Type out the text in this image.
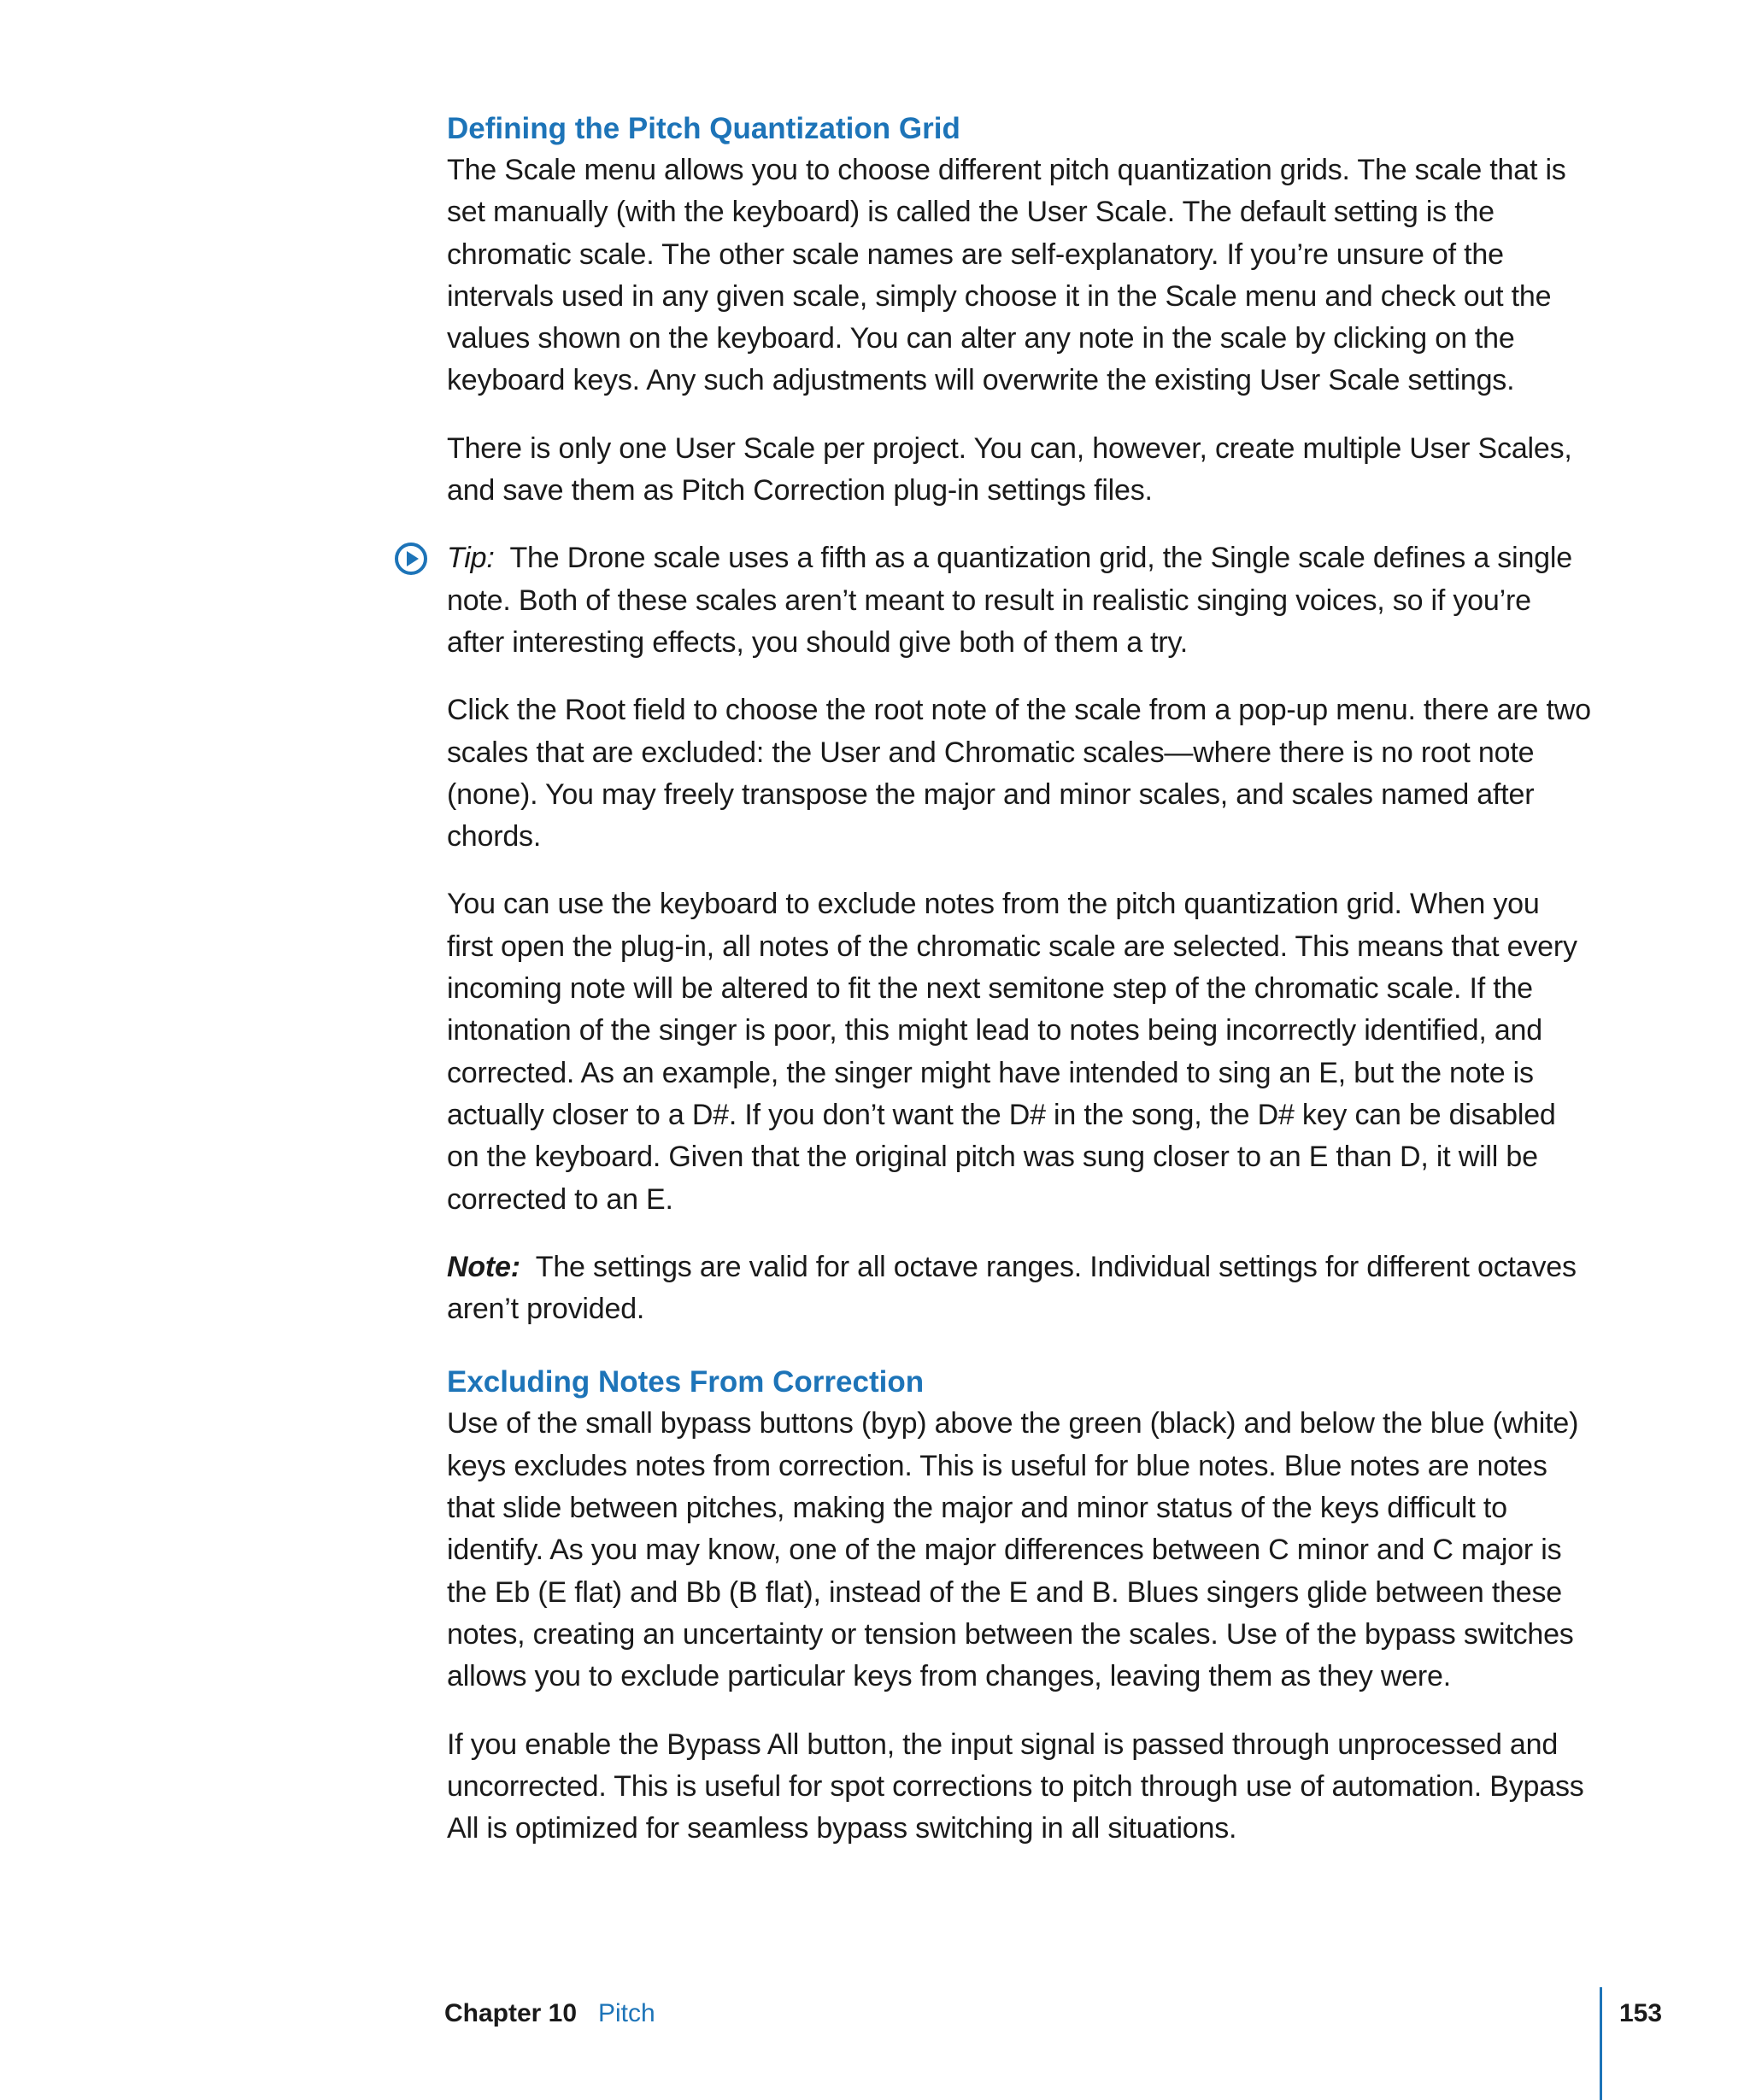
Defining the Pitch Quantization Grid

The Scale menu allows you to choose different pitch quantization grids. The scale that is set manually (with the keyboard) is called the User Scale. The default setting is the chromatic scale. The other scale names are self-explanatory. If you’re unsure of the intervals used in any given scale, simply choose it in the Scale menu and check out the values shown on the keyboard. You can alter any note in the scale by clicking on the keyboard keys. Any such adjustments will overwrite the existing User Scale settings.

There is only one User Scale per project. You can, however, create multiple User Scales, and save them as Pitch Correction plug-in settings files.

Tip: The Drone scale uses a fifth as a quantization grid, the Single scale defines a single note. Both of these scales aren’t meant to result in realistic singing voices, so if you’re after interesting effects, you should give both of them a try.

Click the Root field to choose the root note of the scale from a pop-up menu. there are two scales that are excluded: the User and Chromatic scales—where there is no root note (none). You may freely transpose the major and minor scales, and scales named after chords.

You can use the keyboard to exclude notes from the pitch quantization grid. When you first open the plug-in, all notes of the chromatic scale are selected. This means that every incoming note will be altered to fit the next semitone step of the chromatic scale. If the intonation of the singer is poor, this might lead to notes being incorrectly identified, and corrected. As an example, the singer might have intended to sing an E, but the note is actually closer to a D#. If you don’t want the D# in the song, the D# key can be disabled on the keyboard. Given that the original pitch was sung closer to an E than D, it will be corrected to an E.

Note: The settings are valid for all octave ranges. Individual settings for different octaves aren’t provided.

Excluding Notes From Correction

Use of the small bypass buttons (byp) above the green (black) and below the blue (white) keys excludes notes from correction. This is useful for blue notes. Blue notes are notes that slide between pitches, making the major and minor status of the keys difficult to identify. As you may know, one of the major differences between C minor and C major is the Eb (E flat) and Bb (B flat), instead of the E and B. Blues singers glide between these notes, creating an uncertainty or tension between the scales. Use of the bypass switches allows you to exclude particular keys from changes, leaving them as they were.

If you enable the Bypass All button, the input signal is passed through unprocessed and uncorrected. This is useful for spot corrections to pitch through use of automation. Bypass All is optimized for seamless bypass switching in all situations.

Chapter 10 Pitch	153
